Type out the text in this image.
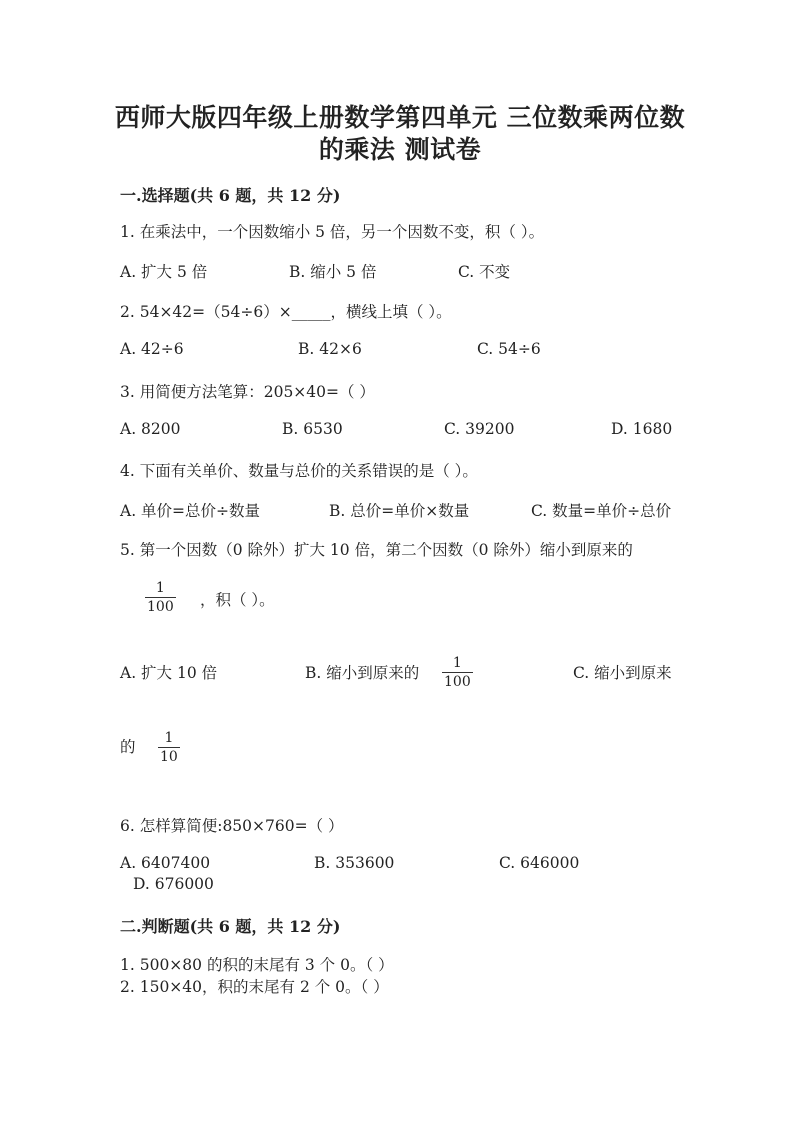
西师大版四年级上册数学第四单元 三位数乘两位数
的乘法 测试卷
一.选择题(共 6 题，共 12 分)
1. 在乘法中，一个因数缩小 5 倍，另一个因数不变，积（ ）。
A. 扩大 5 倍	B. 缩小 5 倍	C. 不变
2. 54×42=（54÷6）×_____，横线上填（ ）。
A. 42÷6	B. 42×6	C. 54÷6
3. 用简便方法笔算：205×40=（ ）
A. 8200	B. 6530	C. 39200	D. 1680
4. 下面有关单价、数量与总价的关系错误的是（ ）。
A. 单价=总价÷数量	B. 总价=单价×数量	C. 数量=单价÷总价
5. 第一个因数（0 除外）扩大 10 倍，第二个因数（0 除外）缩小到原来的
1
100 ，积（ ）。
A. 扩大 10 倍	B. 缩小到原来的
1
100	C. 缩小到原来
的 1
10
6. 怎样算简便:850×760=（ ）
A. 6407400	B. 353600	C. 646000
D. 676000
二.判断题(共 6 题，共 12 分)
1. 500×80 的积的末尾有 3 个 0。（ ）
2. 150×40，积的末尾有 2 个 0。（ ）
